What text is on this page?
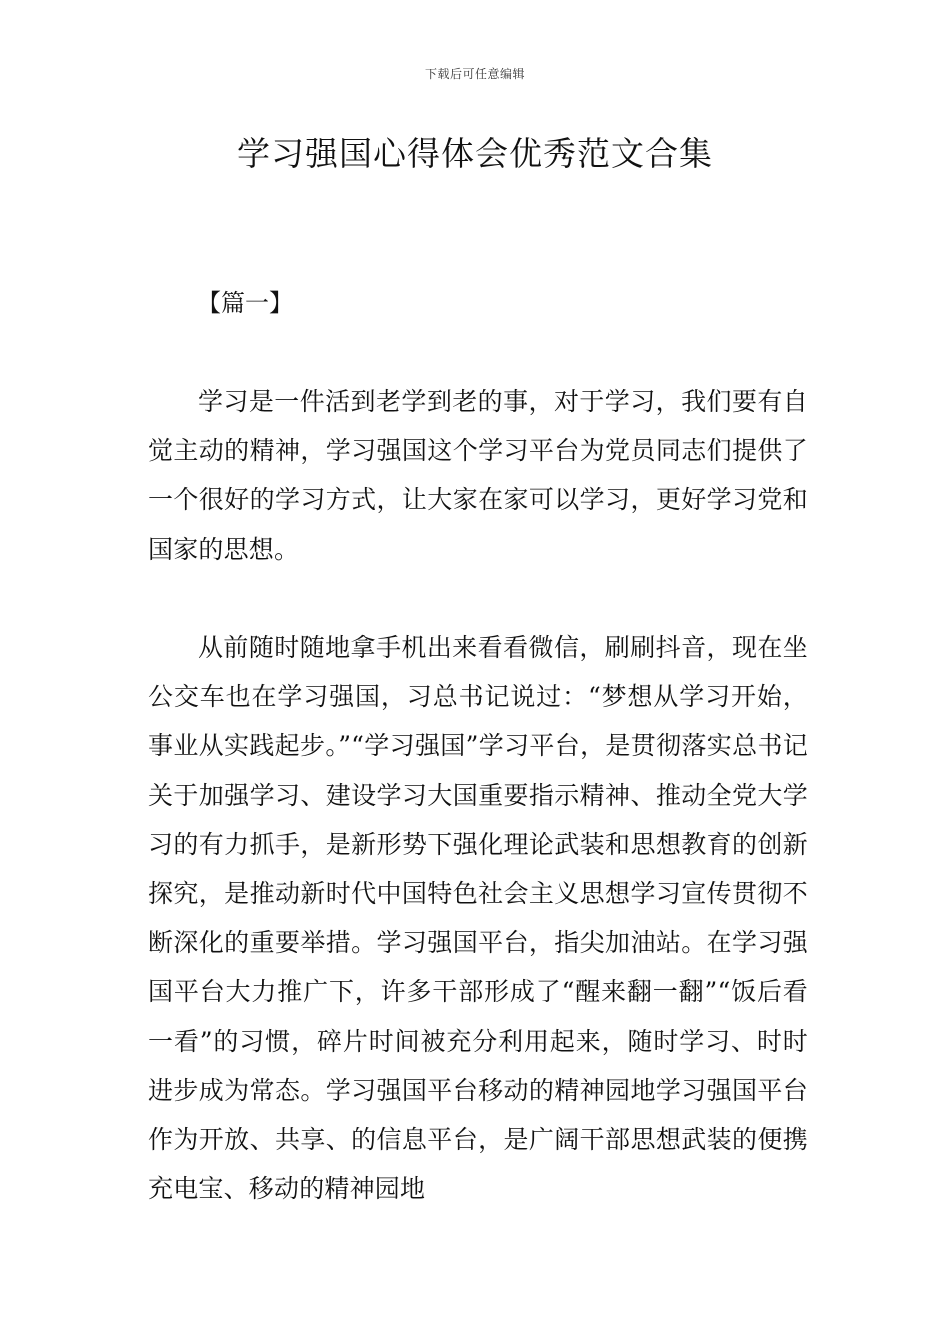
下载后可任意编辑
学习强国心得体会优秀范文合集

【篇一】

学习是一件活到老学到老的事，对于学习，我们要有自觉主动的精神，学习强国这个学习平台为党员同志们提供了一个很好的学习方式，让大家在家可以学习，更好学习党和国家的思想。

从前随时随地拿手机出来看看微信，刷刷抖音，现在坐公交车也在学习强国，习总书记说过：“梦想从学习开始，事业从实践起步。”“学习强国”学习平台，是贯彻落实总书记关于加强学习、建设学习大国重要指示精神、推动全党大学习的有力抓手，是新形势下强化理论武装和思想教育的创新探究，是推动新时代中国特色社会主义思想学习宣传贯彻不断深化的重要举措。学习强国平台，指尖加油站。在学习强国平台大力推广下，许多干部形成了“醒来翻一翻”“饭后看一看”的习惯，碎片时间被充分利用起来，随时学习、时时进步成为常态。学习强国平台移动的精神园地学习强国平台作为开放、共享、的信息平台，是广阔干部思想武装的便携充电宝、移动的精神园地
